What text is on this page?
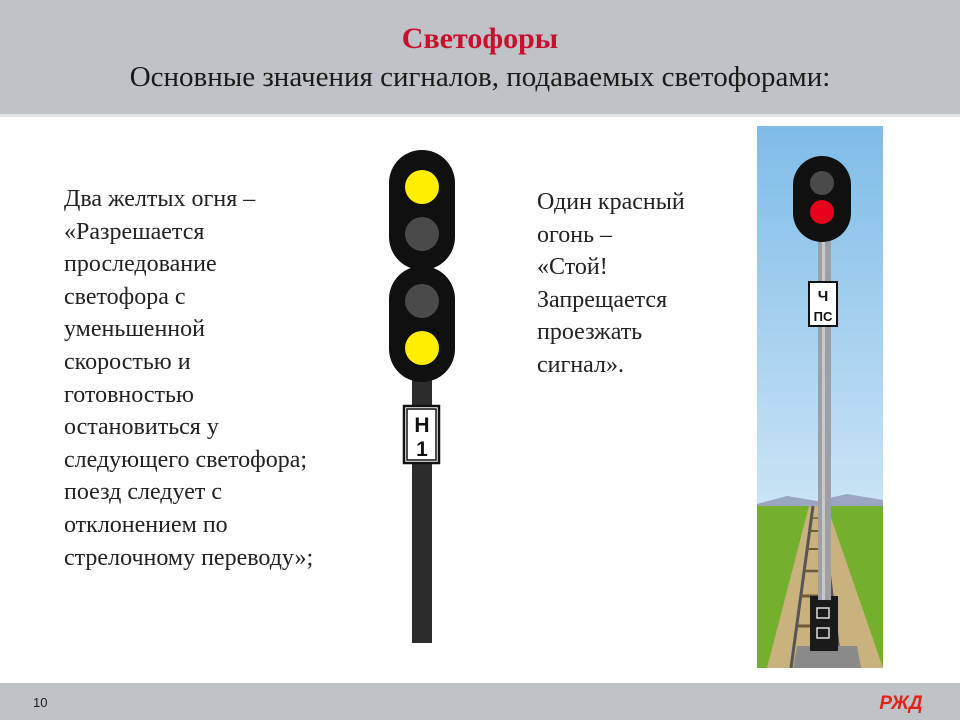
Светофоры
Основные значения сигналов, подаваемых светофорами:

Два желтых огня –
«Разрешается
проследование
светофора с
уменьшенной
скоростью и
готовностью
остановиться у
следующего светофора;
поезд следует с
отклонением по
стрелочному переводу»;

Н
1

Один красный
огонь –
«Стой!
Запрещается
проезжать
сигнал».

Ч
ПС
10	РЖД
